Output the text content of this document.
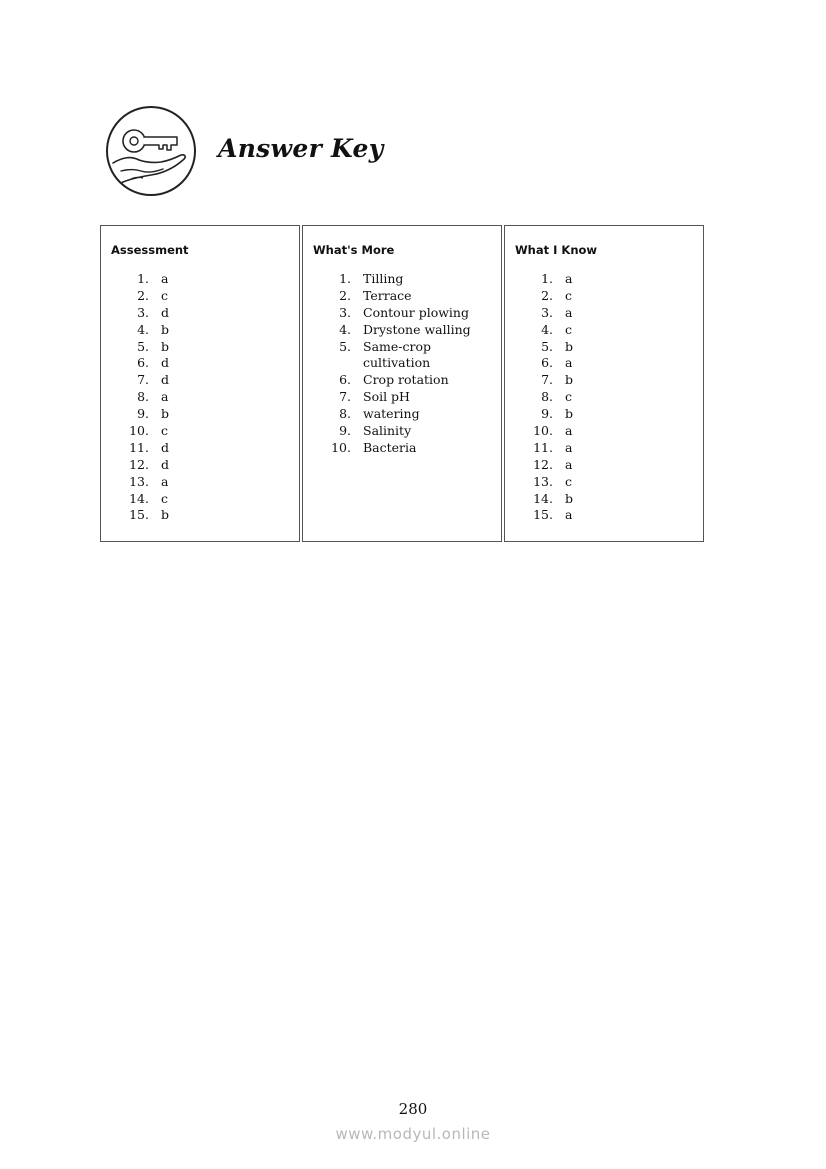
Answer Key
Assessment
1. a
2. c
3. d
4. b
5. b
6. d
7. d
8. a
9. b
10. c
11. d
12. d
13. a
14. c
15. b
What's More
1. Tilling
2. Terrace
3. Contour plowing
4. Drystone walling
5. Same-crop
cultivation
6. Crop rotation
7. Soil pH
8. watering
9. Salinity
10. Bacteria
What I Know
1. a
2. c
3. a
4. c
5. b
6. a
7. b
8. c
9. b
10. a
11. a
12. a
13. c
14. b
15. a
280
www.modyul.online
